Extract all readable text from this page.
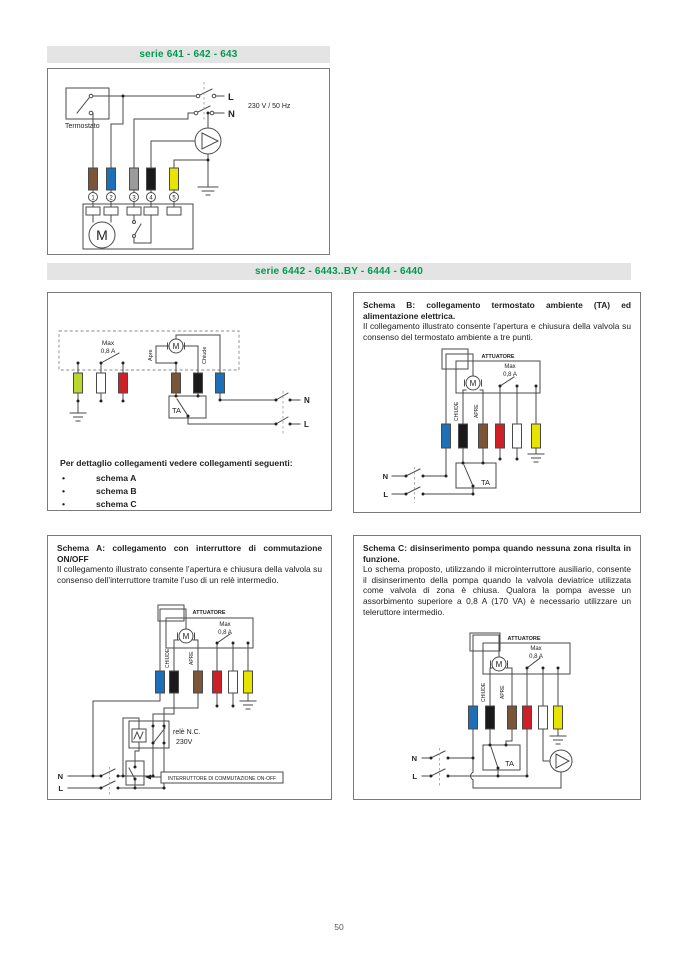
serie 641 - 642 - 643
1 2	3 4	5
M
Termostato
L
N
230 V / 50 Hz
serie 6442 - 6443..BY - 6444 - 6440
M
Max
0,8 A	Apre	Chiude
TA
N
L
Per dettaglio collegamenti vedere collegamenti seguenti:
•	schema A
•	schema B
•	schema C
Schema B: collegamento termostato ambiente (TA) ed alimentazione elettrica.
Il collegamento illustrato consente l’apertura e chiusura della valvola su consenso del termostato ambiente a tre punti.
M
ATTUATORE
Max
0,8 A
CHIUDE	APRE
TA
N
L
Schema A: collegamento con interruttore di commutazione ON/OFF
Il collegamento illustrato consente l’apertura e chiusura della valvola su consenso dell’interruttore tramite l’uso di un relè intermedio.
M
ATTUATORE
Max
0,8 A
CHIUDE	APRE
relè N.C.
230V
INTERRUTTORE DI COMMUTAZIONE ON-OFF
N
L
Schema C: disinserimento pompa quando nessuna zona risulta in funzione.
Lo schema proposto, utilizzando il microinterruttore ausiliario, consente il disinserimento della pompa quando la valvola deviatrice utilizzata come valvola di zona è chiusa. Qualora la pompa avesse un assorbimento superiore a 0,8 A (170 VA) è necessario utilizzare un teleruttore intermedio.
M
ATTUATORE
Max
0,8 A
CHIUDE	APRE
TA
N
L
50
